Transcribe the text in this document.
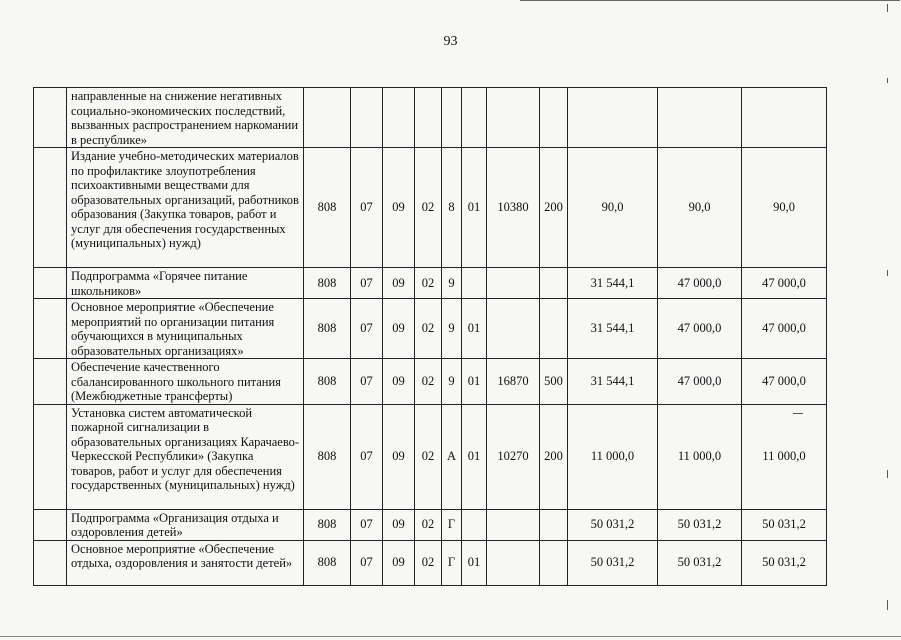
93
	направленные на снижение негативных социально-экономических последствий, вызванных распространением наркомании в республике»											
	Издание учебно-методических материалов по профилактике злоупотребления психоактивными веществами для образовательных организаций, работников образования (Закупка товаров, работ и услуг для обеспечения государственных (муниципальных) нужд)	808	07	09	02	8	01	10380	200	90,0	90,0	90,0
	Подпрограмма «Горячее питание школьников»	808	07	09	02	9				31 544,1	47 000,0	47 000,0
	Основное мероприятие «Обеспечение мероприятий по организации питания обучающихся в муниципальных образовательных организациях»	808	07	09	02	9	01			31 544,1	47 000,0	47 000,0
	Обеспечение качественного сбалансированного школьного питания (Межбюджетные трансферты)	808	07	09	02	9	01	16870	500	31 544,1	47 000,0	47 000,0
	Установка систем автоматической пожарной сигнализации в образовательных организациях Карачаево-Черкесской Республики» (Закупка товаров, работ и услуг для обеспечения государственных (муниципальных) нужд)	808	07	09	02	А	01	10270	200	11 000,0	11 000,0	11 000,0
	Подпрограмма «Организация отдыха и оздоровления детей»	808	07	09	02	Г				50 031,2	50 031,2	50 031,2
	Основное мероприятие «Обеспечение отдыха, оздоровления и занятости детей»	808	07	09	02	Г	01			50 031,2	50 031,2	50 031,2
